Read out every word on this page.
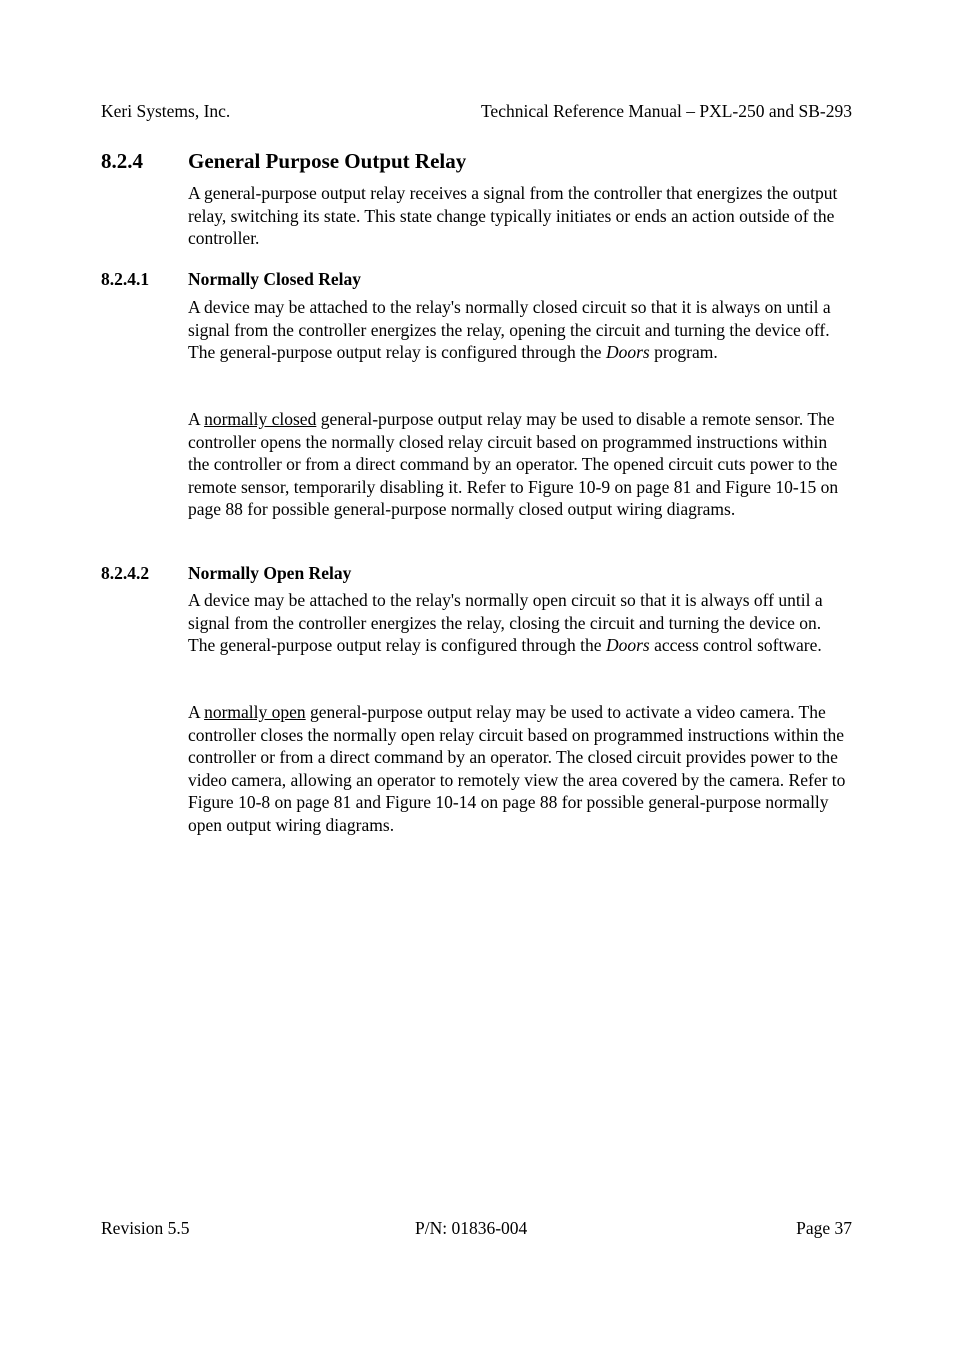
Keri Systems, Inc.	Technical Reference Manual – PXL-250 and SB-293
8.2.4 General Purpose Output Relay

A general-purpose output relay receives a signal from the controller that energizes the output relay, switching its state. This state change typically initiates or ends an action outside of the controller.

8.2.4.1 Normally Closed Relay

A device may be attached to the relay's normally closed circuit so that it is always on until a signal from the controller energizes the relay, opening the circuit and turning the device off. The general-purpose output relay is configured through the Doors program.

A normally closed general-purpose output relay may be used to disable a remote sensor. The controller opens the normally closed relay circuit based on programmed instructions within the controller or from a direct command by an operator. The opened circuit cuts power to the remote sensor, temporarily disabling it. Refer to Figure 10-9 on page 81 and Figure 10-15 on page 88 for possible general-purpose normally closed output wiring diagrams.

8.2.4.2 Normally Open Relay

A device may be attached to the relay's normally open circuit so that it is always off until a signal from the controller energizes the relay, closing the circuit and turning the device on. The general-purpose output relay is configured through the Doors access control software.

A normally open general-purpose output relay may be used to activate a video camera. The controller closes the normally open relay circuit based on programmed instructions within the controller or from a direct command by an operator. The closed circuit provides power to the video camera, allowing an operator to remotely view the area covered by the camera. Refer to Figure 10-8 on page 81 and Figure 10-14 on page 88 for possible general-purpose normally open output wiring diagrams.

Revision 5.5	P/N: 01836-004	Page 37
